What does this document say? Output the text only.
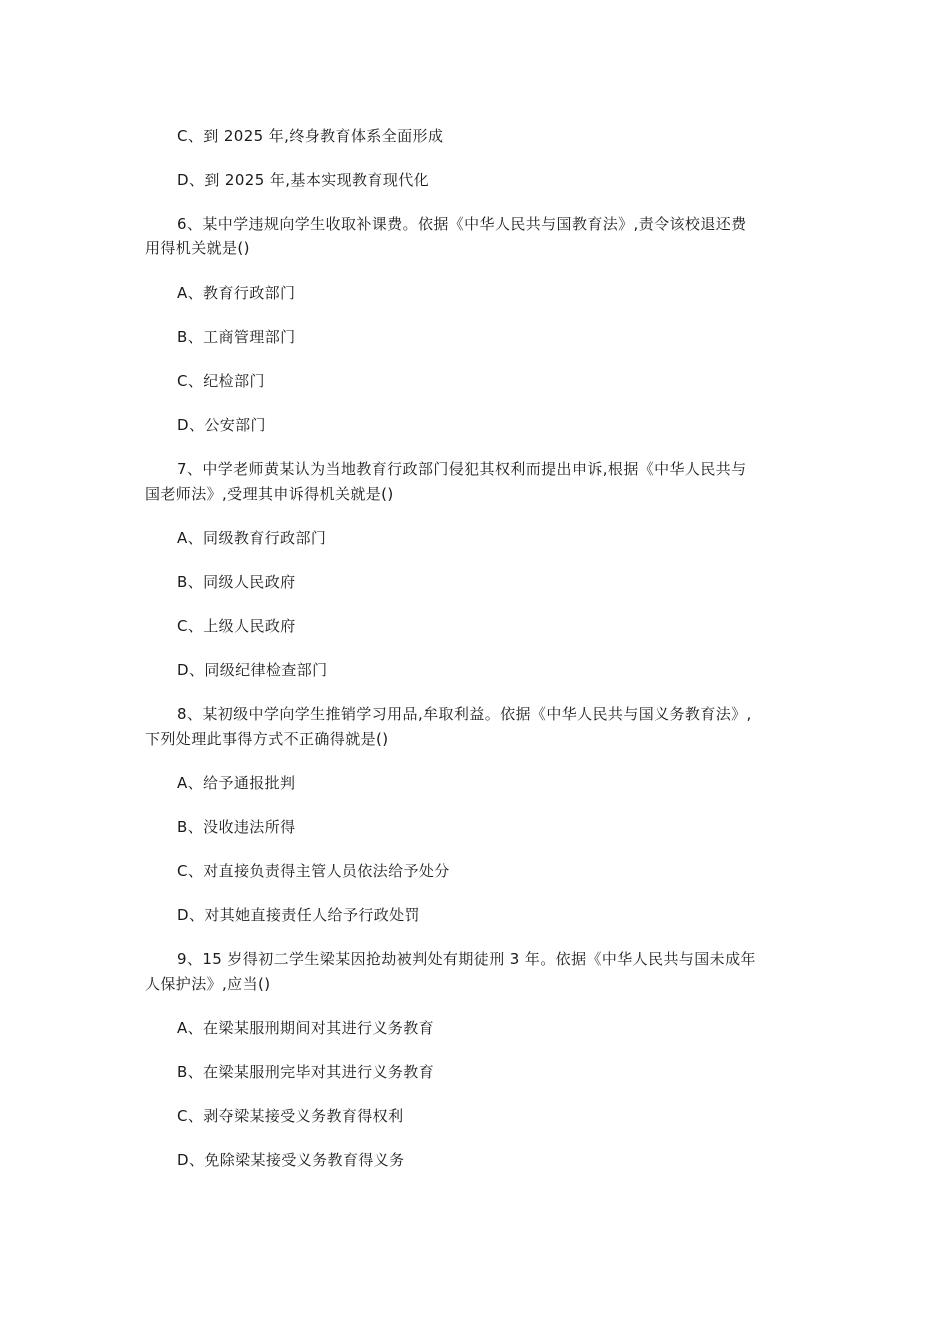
C、到 2025 年,终身教育体系全面形成
D、到 2025 年,基本实现教育现代化
6、某中学违规向学生收取补课费。依据《中华人民共与国教育法》,责令该校退还费
用得机关就是()
A、教育行政部门
B、工商管理部门
C、纪检部门
D、公安部门
7、中学老师黄某认为当地教育行政部门侵犯其权利而提出申诉,根据《中华人民共与
国老师法》,受理其申诉得机关就是()
A、同级教育行政部门
B、同级人民政府
C、上级人民政府
D、同级纪律检查部门
8、某初级中学向学生推销学习用品,牟取利益。依据《中华人民共与国义务教育法》,
下列处理此事得方式不正确得就是()
A、给予通报批判
B、没收违法所得
C、对直接负责得主管人员依法给予处分
D、对其她直接责任人给予行政处罚
9、15 岁得初二学生梁某因抢劫被判处有期徒刑 3 年。依据《中华人民共与国未成年
人保护法》,应当()
A、在梁某服刑期间对其进行义务教育
B、在梁某服刑完毕对其进行义务教育
C、剥夺梁某接受义务教育得权利
D、免除梁某接受义务教育得义务
